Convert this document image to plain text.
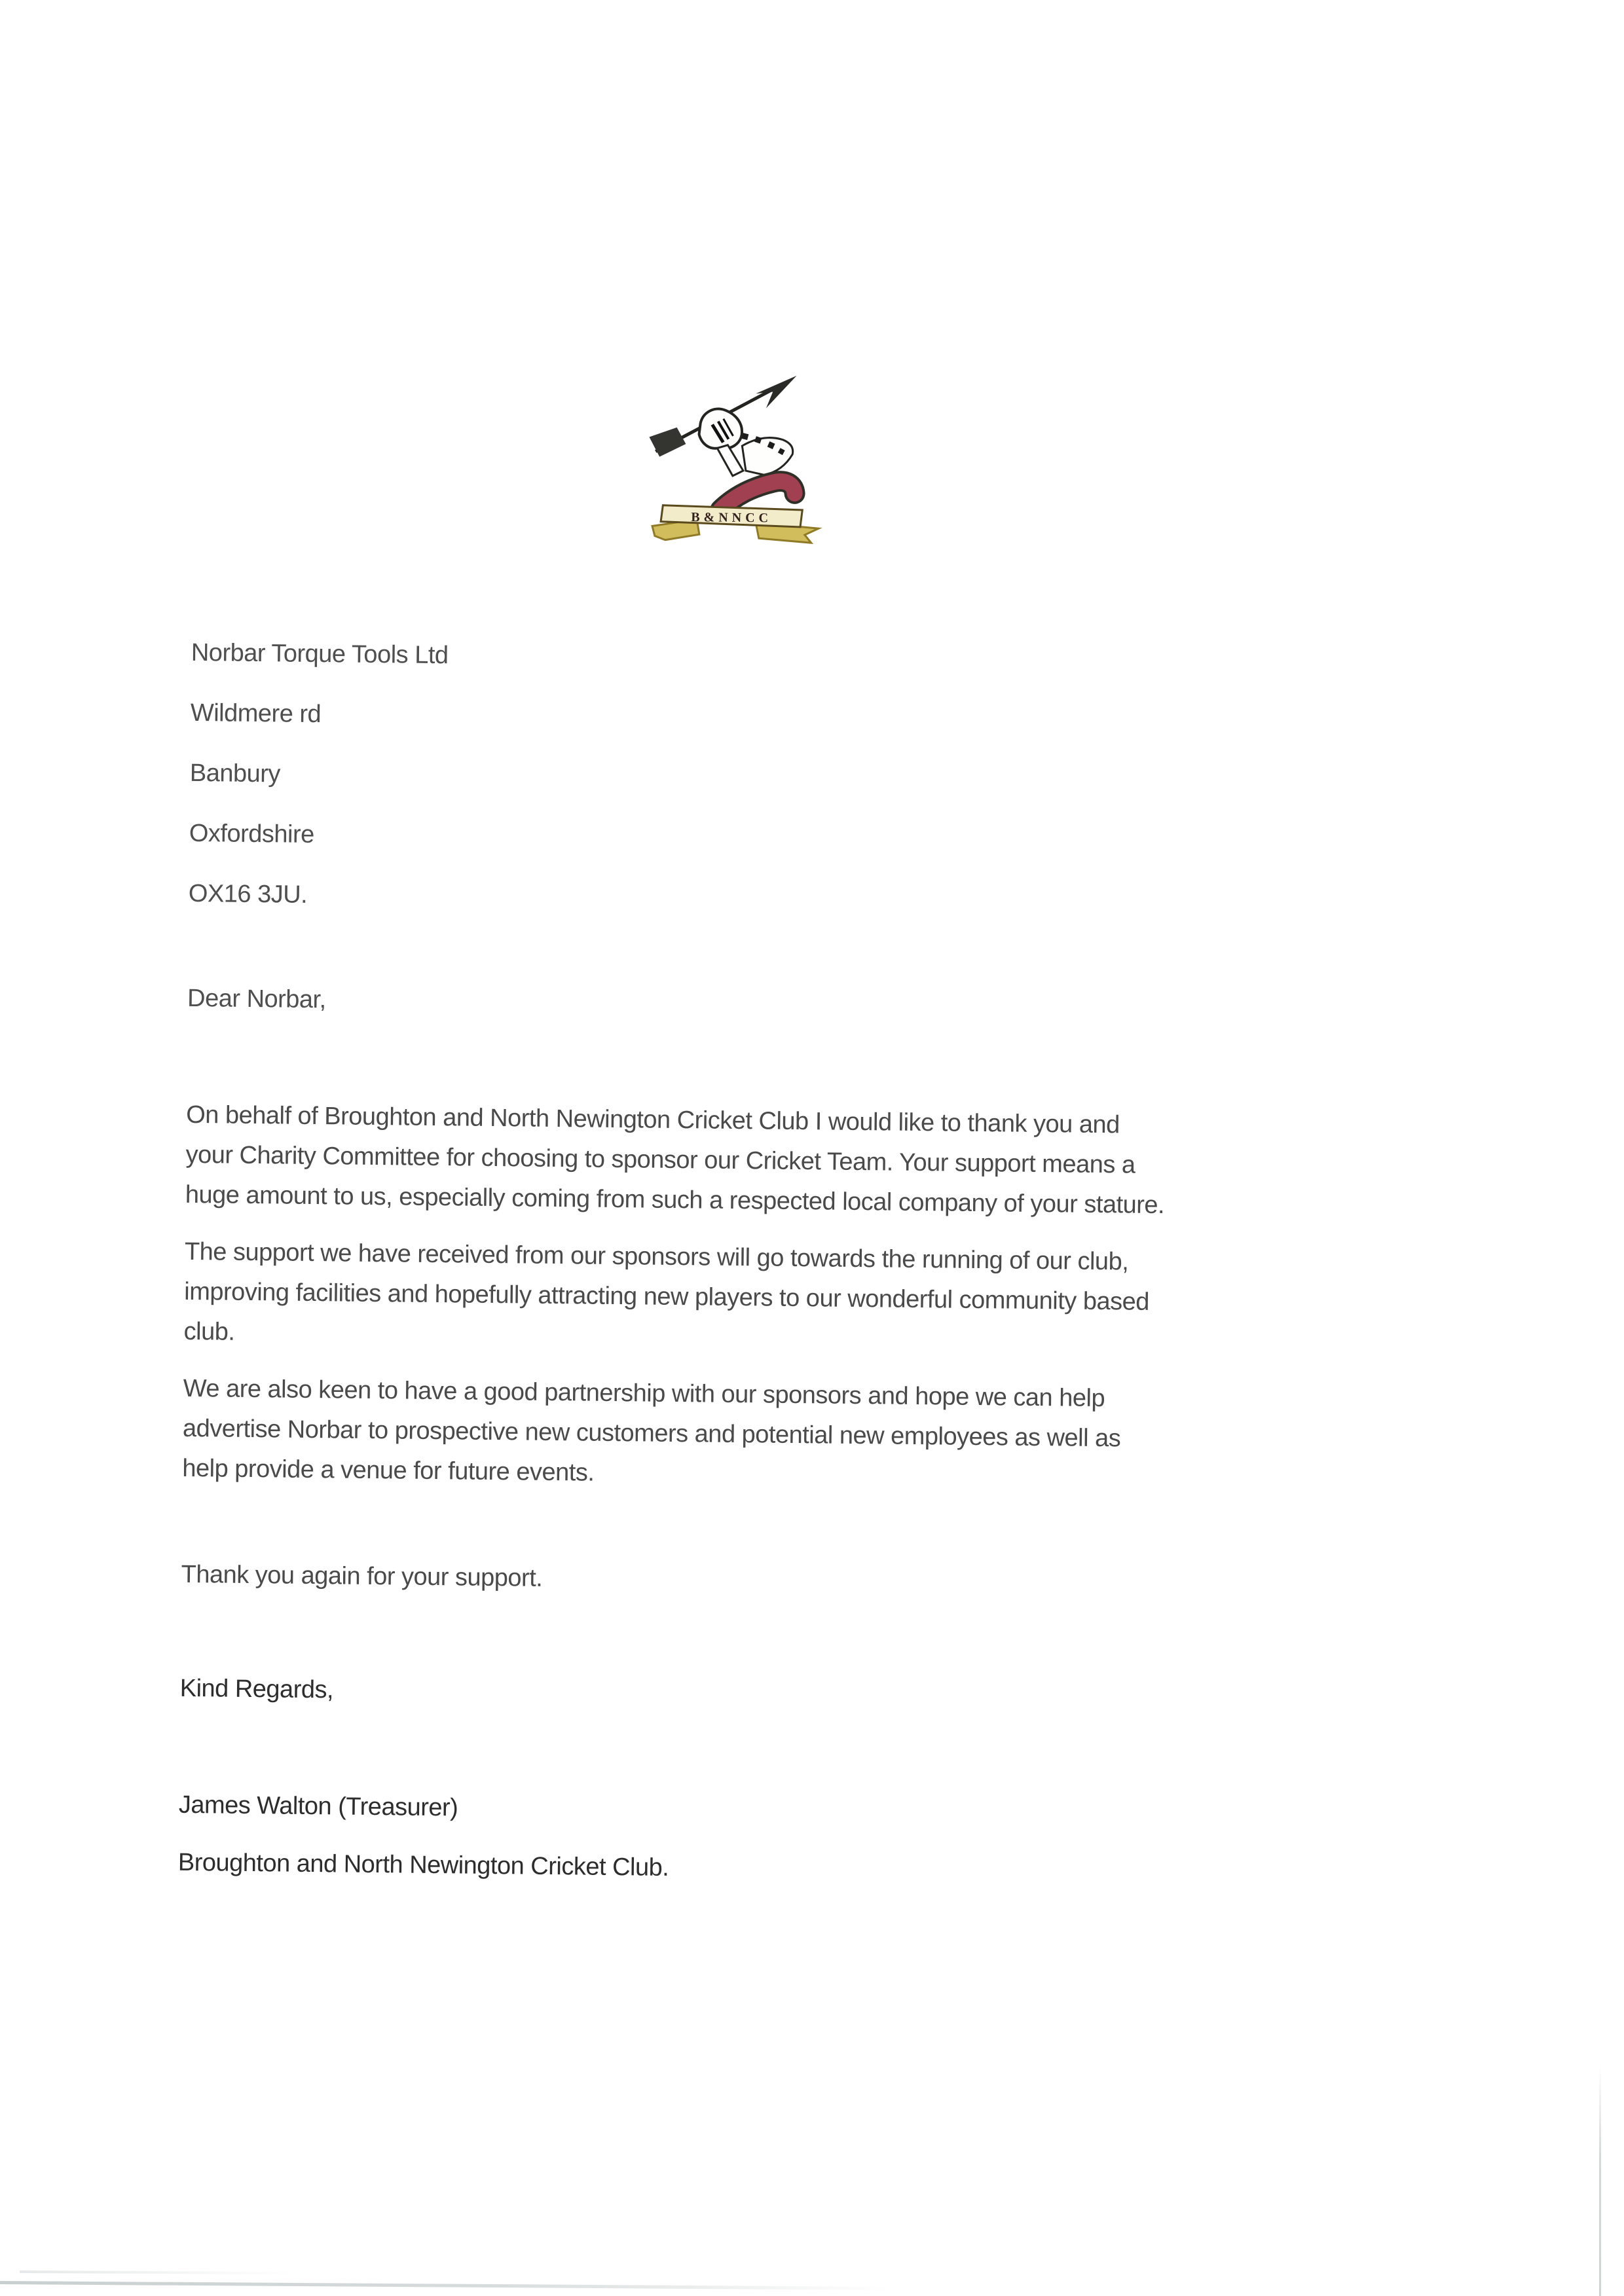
B&NNCC
Norbar Torque Tools Ltd
Wildmere rd
Banbury
Oxfordshire
OX16 3JU.
Dear Norbar,
On behalf of Broughton and North Newington Cricket Club I would like to thank you and
your Charity Committee for choosing to sponsor our Cricket Team. Your support means a
huge amount to us, especially coming from such a respected local company of your stature.
The support we have received from our sponsors will go towards the running of our club,
improving facilities and hopefully attracting new players to our wonderful community based
club.
We are also keen to have a good partnership with our sponsors and hope we can help
advertise Norbar to prospective new customers and potential new employees as well as
help provide a venue for future events.
Thank you again for your support.
Kind Regards,
James Walton (Treasurer)
Broughton and North Newington Cricket Club.
